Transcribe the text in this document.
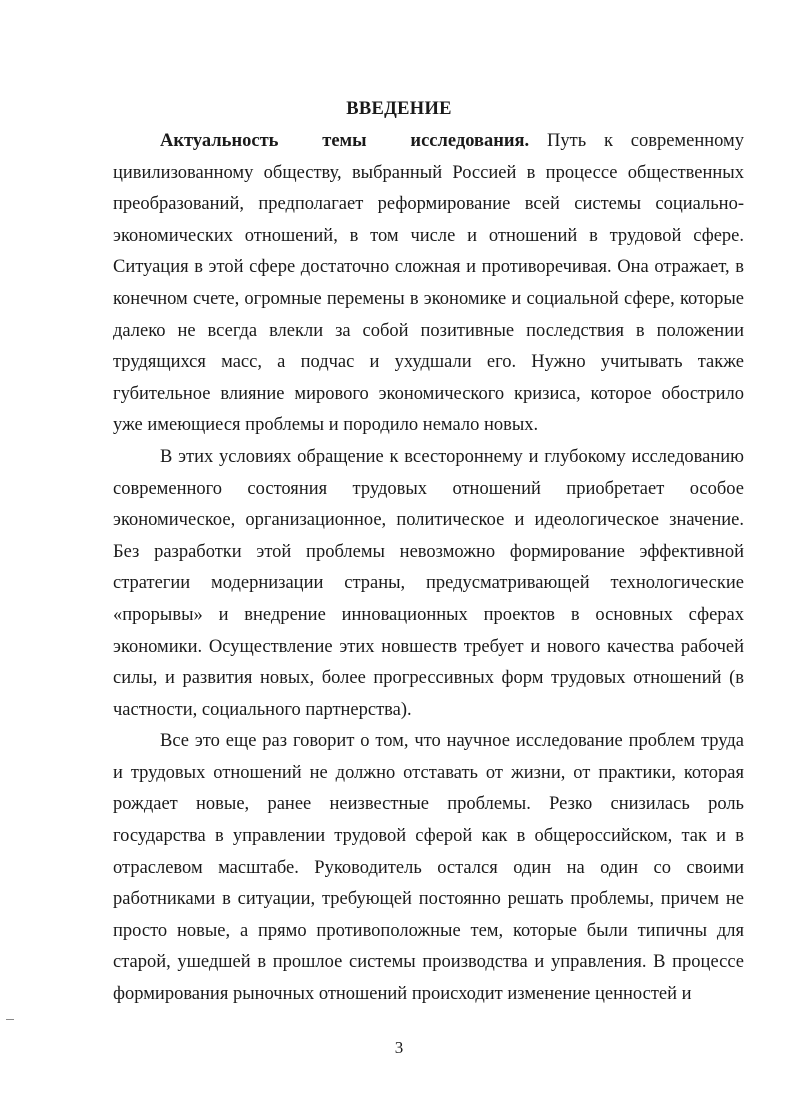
ВВЕДЕНИЕ

Актуальность темы исследования. Путь к современному цивилизованному обществу, выбранный Россией в процессе общественных преобразований, предполагает реформирование всей системы социально-экономических отношений, в том числе и отношений в трудовой сфере. Ситуация в этой сфере достаточно сложная и противоречивая. Она отражает, в конечном счете, огромные перемены в экономике и социальной сфере, которые далеко не всегда влекли за собой позитивные последствия в положении трудящихся масс, а подчас и ухудшали его. Нужно учитывать также губительное влияние мирового экономического кризиса, которое обострило уже имеющиеся проблемы и породило немало новых.

В этих условиях обращение к всестороннему и глубокому исследованию современного состояния трудовых отношений приобретает особое экономическое, организационное, политическое и идеологическое значение. Без разработки этой проблемы невозможно формирование эффективной стратегии модернизации страны, предусматривающей технологические «прорывы» и внедрение инновационных проектов в основных сферах экономики. Осуществление этих новшеств требует и нового качества рабочей силы, и развития новых, более прогрессивных форм трудовых отношений (в частности, социального партнерства).

Все это еще раз говорит о том, что научное исследование проблем труда и трудовых отношений не должно отставать от жизни, от практики, которая рождает новые, ранее неизвестные проблемы. Резко снизилась роль государства в управлении трудовой сферой как в общероссийском, так и в отраслевом масштабе. Руководитель остался один на один со своими работниками в ситуации, требующей постоянно решать проблемы, причем не просто новые, а прямо противоположные тем, которые были типичны для старой, ушедшей в прошлое системы производства и управления. В процессе формирования рыночных отношений происходит изменение ценностей и

3
